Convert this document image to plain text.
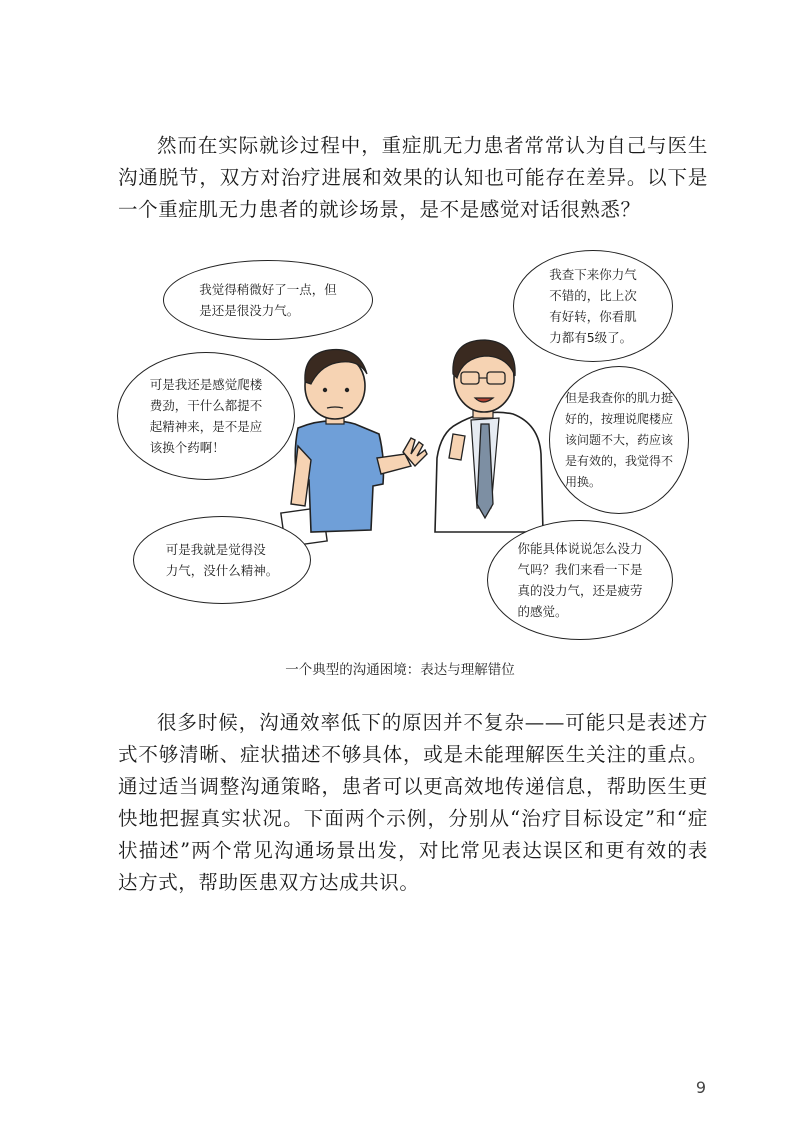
然而在实际就诊过程中，重症肌无力患者常常认为自己与医生沟通脱节，双方对治疗进展和效果的认知也可能存在差异。以下是一个重症肌无力患者的就诊场景，是不是感觉对话很熟悉？

我觉得稍微好了一点，但
是还是很没力气。
我查下来你力气
不错的，比上次
有好转，你看肌
力都有5级了。
可是我还是感觉爬楼
费劲，干什么都提不
起精神来，是不是应
该换个药啊！
但是我查你的肌力挺
好的，按理说爬楼应
该问题不大，药应该
是有效的，我觉得不
用换。
可是我就是觉得没
力气，没什么精神。
你能具体说说怎么没力
气吗？我们来看一下是
真的没力气，还是疲劳
的感觉。
一个典型的沟通困境：表达与理解错位

很多时候，沟通效率低下的原因并不复杂——可能只是表述方式不够清晰、症状描述不够具体，或是未能理解医生关注的重点。通过适当调整沟通策略，患者可以更高效地传递信息，帮助医生更快地把握真实状况。下面两个示例，分别从“治疗目标设定”和“症状描述”两个常见沟通场景出发，对比常见表达误区和更有效的表达方式，帮助医患双方达成共识。

9
